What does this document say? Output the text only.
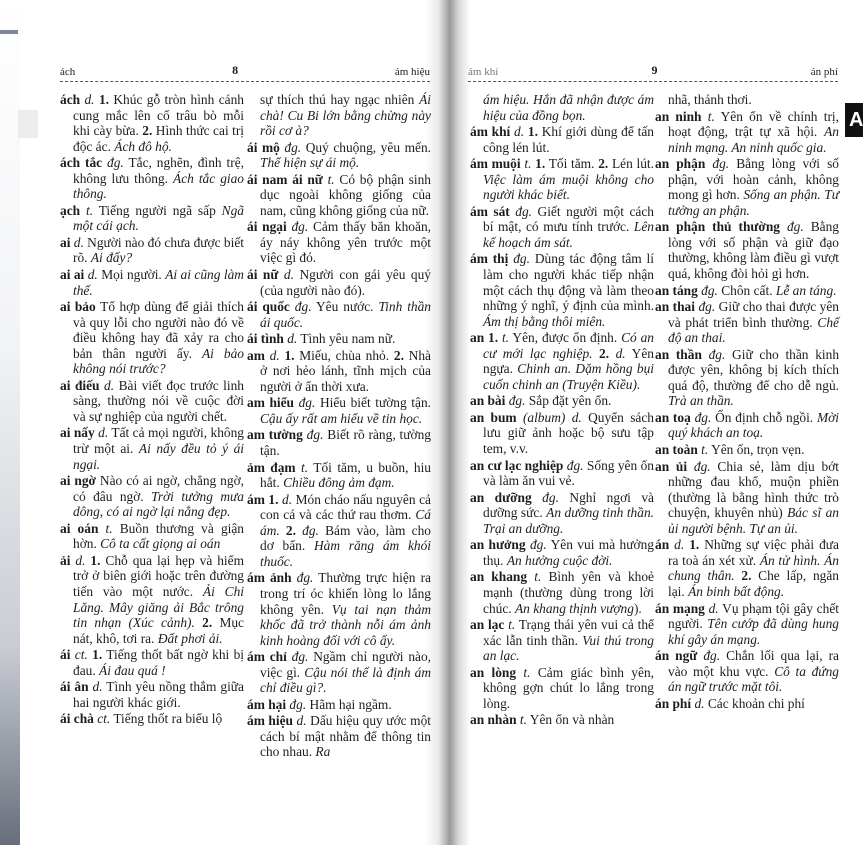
ách	8	ám hiệu	ám khí	9	án phí
A
ách d. 1. Khúc gỗ tròn hình cánh cung mắc lên cổ trâu bò mỗi khi cày bừa. 2. Hình thức cai trị độc ác. Ách đô hộ.
ách tắc đg. Tắc, nghẽn, đình trệ, không lưu thông. Ách tắc giao thông.
ạch t. Tiếng người ngã sấp Ngã một cái ạch.
ai d. Người nào đó chưa được biết rõ. Ai đấy?
ai ai d. Mọi người. Ai ai cũng làm thế.
ai bảo Tổ hợp dùng để giải thích và quy lỗi cho người nào đó về điều không hay đã xảy ra cho bản thân người ấy. Ai bảo không nói trước?
ai điếu d. Bài viết đọc trước linh sàng, thường nói về cuộc đời và sự nghiệp của người chết.
ai nấy d. Tất cả mọi người, không trừ một ai. Ai nấy đều tỏ ý ái ngại.
ai ngờ Nào có ai ngờ, chẳng ngờ, có đâu ngờ. Trời tưởng mưa dông, có ai ngờ lại nắng đẹp.
ai oán t. Buồn thương và giận hờn. Cô ta cất giọng ai oán
ải d. 1. Chỗ qua lại hẹp và hiểm trở ở biên giới hoặc trên đường tiến vào một nước. Ải Chi Lăng. Mây giăng ải Bắc trông tin nhạn (Xúc cảnh). 2. Mục nát, khô, tơi ra. Đất phơi ải.
ái ct. 1. Tiếng thốt bất ngờ khi bị đau. Ái đau quá !
ái ân d. Tình yêu nồng thắm giữa hai người khác giới.
ái chà ct. Tiếng thốt ra biểu lộ
sự thích thú hay ngạc nhiên Ái chà! Cu Bi lớn bằng chừng này rồi cơ à?
ái mộ đg. Quý chuộng, yêu mến. Thể hiện sự ái mộ.
ái nam ái nữ t. Có bộ phận sinh dục ngoài không giống của nam, cũng không giống của nữ.
ái ngại đg. Cảm thấy băn khoăn, áy náy không yên trước một việc gì đó.
ái nữ d. Người con gái yêu quý (của người nào đó).
ái quốc đg. Yêu nước. Tinh thần ái quốc.
ái tình d. Tình yêu nam nữ.
am d. 1. Miếu, chùa nhỏ. 2. Nhà ở nơi hẻo lánh, tĩnh mịch của người ở ẩn thời xưa.
am hiểu đg. Hiểu biết tường tận. Cậu ấy rất am hiểu về tin học.
am tường đg. Biết rõ ràng, tường tận.
ảm đạm t. Tối tăm, u buồn, hiu hắt. Chiều đông ảm đạm.
ám 1. d. Món cháo nấu nguyên cả con cá và các thứ rau thơm. Cá ám. 2. đg. Bám vào, làm cho dơ bẩn. Hàm răng ám khói thuốc.
ám ảnh đg. Thường trực hiện ra trong trí óc khiến lòng lo lắng không yên. Vụ tai nạn thảm khốc đã trở thành nỗi ám ảnh kinh hoàng đối với cô ấy.
ám chỉ đg. Ngầm chỉ người nào, việc gì. Cậu nói thế là định ám chỉ điều gì?.
ám hại đg. Hãm hại ngầm.
ám hiệu d. Dấu hiệu quy ước một cách bí mật nhằm để thông tin cho nhau. Ra
ám hiệu. Hắn đã nhận được ám hiệu của đồng bọn.
ám khí d. 1. Khí giới dùng để tấn công lén lút.
ám muội t. 1. Tối tăm. 2. Lén lút. Việc làm ám muội không cho người khác biết.
ám sát đg. Giết người một cách bí mật, có mưu tính trước. Lên kế hoạch ám sát.
ám thị đg. Dùng tác động tâm lí làm cho người khác tiếp nhận một cách thụ động và làm theo những ý nghĩ, ý định của mình. Ám thị bằng thôi miên.
an 1. t. Yên, được ổn định. Có an cư mới lạc nghiệp. 2. d. Yên ngựa. Chinh an. Dặm hồng bụi cuốn chinh an (Truyện Kiều).
an bài đg. Sắp đặt yên ổn.
an bum (album) d. Quyển sách lưu giữ ảnh hoặc bộ sưu tập tem, v.v.
an cư lạc nghiệp đg. Sống yên ổn và làm ăn vui vẻ.
an dưỡng đg. Nghỉ ngơi và dưỡng sức. An dưỡng tinh thần. Trại an dưỡng.
an hưởng đg. Yên vui mà hưởng thụ. An hưởng cuộc đời.
an khang t. Bình yên và khoẻ mạnh (thường dùng trong lời chúc. An khang thịnh vượng).
an lạc t. Trạng thái yên vui cả thể xác lẫn tinh thần. Vui thú trong an lạc.
an lòng t. Cảm giác bình yên, không gợn chút lo lắng trong lòng.
an nhàn t. Yên ổn và nhàn
nhã, thảnh thơi.
an ninh t. Yên ổn về chính trị, hoạt động, trật tự xã hội. An ninh mạng. An ninh quốc gia.
an phận đg. Bằng lòng với số phận, với hoàn cảnh, không mong gì hơn. Sống an phận. Tư tưởng an phận.
an phận thủ thường đg. Bằng lòng với số phận và giữ đạo thường, không làm điều gì vượt quá, không đòi hỏi gì hơn.
an táng đg. Chôn cất. Lễ an táng.
an thai đg. Giữ cho thai được yên và phát triển bình thường. Chế độ an thai.
an thần đg. Giữ cho thần kinh được yên, không bị kích thích quá độ, thường để cho dễ ngủ. Trà an thần.
an toạ đg. Ổn định chỗ ngồi. Mời quý khách an toạ.
an toàn t. Yên ổn, trọn vẹn.
an ủi đg. Chia sẻ, làm dịu bớt những đau khổ, muộn phiền (thường là bằng hình thức trò chuyện, khuyên nhủ) Bác sĩ an ủi người bệnh. Tự an ủi.
án d. 1. Những sự việc phải đưa ra toà án xét xử. Án tử hình. Án chung thân. 2. Che lấp, ngăn lại. Án binh bất động.
án mạng d. Vụ phạm tội gây chết người. Tên cướp đã dùng hung khí gây án mạng.
án ngữ đg. Chắn lối qua lại, ra vào một khu vực. Cô ta đứng án ngữ trước mặt tôi.
án phí d. Các khoản chi phí
